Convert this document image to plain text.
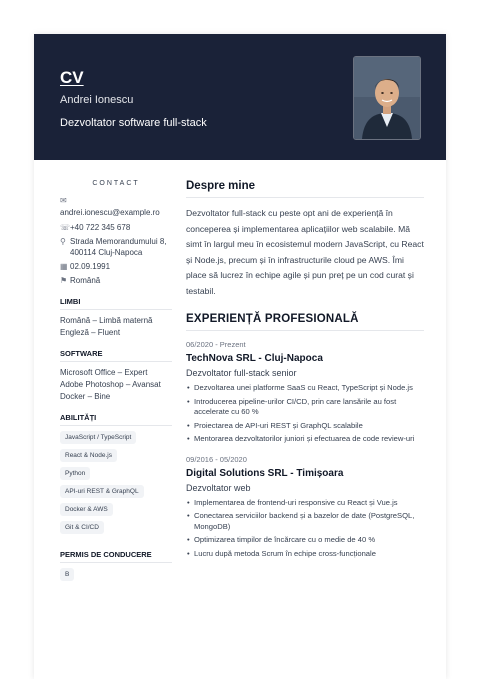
CV
Andrei Ionescu
Dezvoltator software full-stack
CONTACT
✉
andrei.ionescu@example.ro
☏ +40 722 345 678
⚲ Strada Memorandumului 8, 400114 Cluj-Napoca
▦ 02.09.1991
⚑ Română
LIMBI
Română – Limbă maternă
Engleză – Fluent
SOFTWARE
Microsoft Office – Expert
Adobe Photoshop – Avansat
Docker – Bine
ABILITĂȚI
JavaScript / TypeScript
React & Node.js
Python
API-uri REST & GraphQL
Docker & AWS
Git & CI/CD
PERMIS DE CONDUCERE
B
Despre mine
Dezvoltator full-stack cu peste opt ani de experiență în conceperea și implementarea aplicațiilor web scalabile. Mă simt în largul meu în ecosistemul modern JavaScript, cu React și Node.js, precum și în infrastructurile cloud pe AWS. Îmi place să lucrez în echipe agile și pun preț pe un cod curat și testabil.
EXPERIENȚĂ PROFESIONALĂ
06/2020 - Prezent
TechNova SRL - Cluj-Napoca
Dezvoltator full-stack senior
• Dezvoltarea unei platforme SaaS cu React, TypeScript și Node.js
• Introducerea pipeline-urilor CI/CD, prin care lansările au fost accelerate cu 60 %
• Proiectarea de API-uri REST și GraphQL scalabile
• Mentorarea dezvoltatorilor juniori și efectuarea de code review-uri
09/2016 - 05/2020
Digital Solutions SRL - Timișoara
Dezvoltator web
• Implementarea de frontend-uri responsive cu React și Vue.js
• Conectarea serviciilor backend și a bazelor de date (PostgreSQL, MongoDB)
• Optimizarea timpilor de încărcare cu o medie de 40 %
• Lucru după metoda Scrum în echipe cross-funcționale
